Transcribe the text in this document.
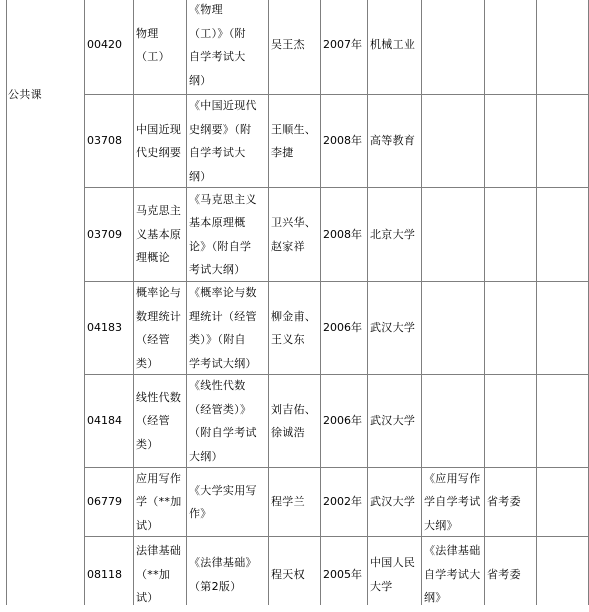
公共课
00420
物理
（工）
《物理
（工）》（附
自学考试大
纲）
吴王杰 2007年 机械工业
03708
中国近现
代史纲要
《中国近现代
史纲要》（附
自学考试大
纲）
王顺生、
李捷
2008年 高等教育
03709
马克思主
义基本原
理概论
《马克思主义
基本原理概
论》（附自学
考试大纲）
卫兴华、
赵家祥
2008年 北京大学
04183
概率论与
数理统计
（经管
类）
《概率论与数
理统计（经管
类）》（附自
学考试大纲）
柳金甫、
王义东
2006年 武汉大学
04184
线性代数
（经管
类）
《线性代数
（经管类）》
（附自学考试
大纲）
刘吉佑、
徐诚浩
2006年 武汉大学
06779
应用写作
学（**加
试）
《大学实用写
作》
程学兰 2002年 武汉大学
《应用写作
学自学考试
大纲》
省考委
08118
法律基础
（**加
试）
《法律基础》
（第2版）
程天权 2005年
中国人民
大学
《法律基础
自学考试大
纲》
省考委
